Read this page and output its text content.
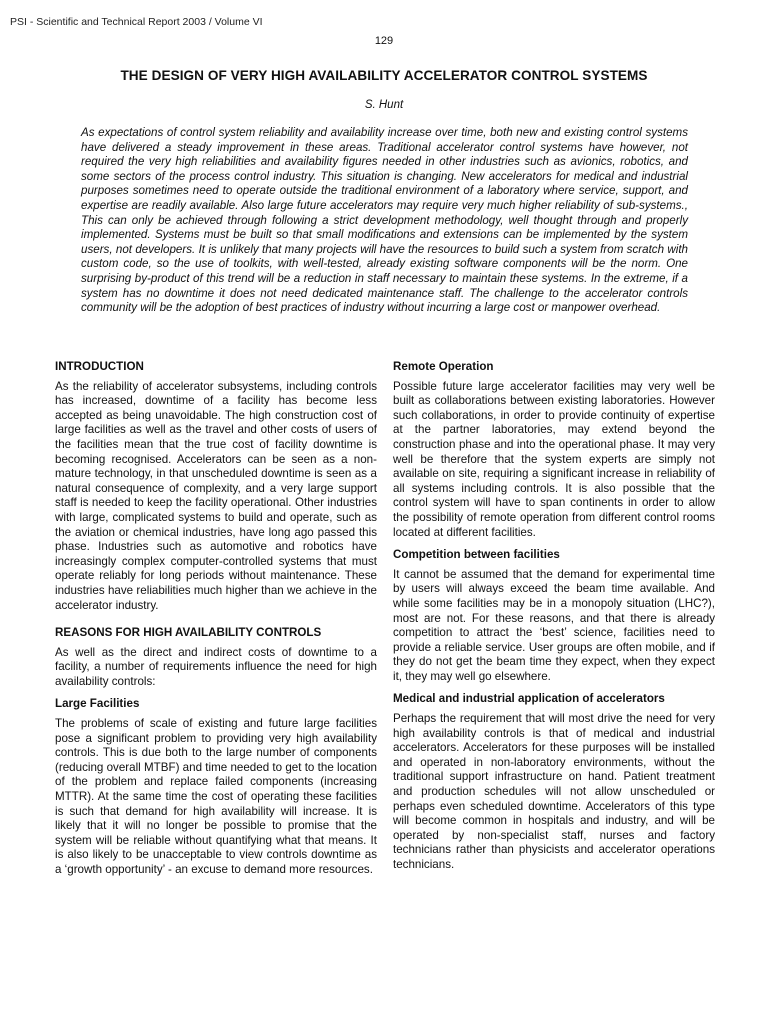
PSI - Scientific and Technical Report 2003 / Volume VI
129
THE DESIGN OF VERY HIGH AVAILABILITY ACCELERATOR CONTROL SYSTEMS
S. Hunt

As expectations of control system reliability and availability increase over time, both new and existing control systems have delivered a steady improvement in these areas. Traditional accelerator control systems have however, not required the very high reliabilities and availability figures needed in other industries such as avionics, robotics, and some sectors of the process control industry. This situation is changing. New accelerators for medical and industrial purposes sometimes need to operate outside the traditional environment of a laboratory where service, support, and expertise are readily available. Also large future accelerators may require very much higher reliability of sub-systems., This can only be achieved through following a strict development methodology, well thought through and properly implemented. Systems must be built so that small modifications and extensions can be implemented by the system users, not developers. It is unlikely that many projects will have the resources to build such a system from scratch with custom code, so the use of toolkits, with well-tested, already existing software components will be the norm. One surprising by-product of this trend will be a reduction in staff necessary to maintain these systems. In the extreme, if a system has no downtime it does not need dedicated maintenance staff. The challenge to the accelerator controls community will be the adoption of best practices of industry without incurring a large cost or manpower overhead.

INTRODUCTION

As the reliability of accelerator subsystems, including controls has increased, downtime of a facility has become less accepted as being unavoidable. The high construction cost of large facilities as well as the travel and other costs of users of the facilities mean that the true cost of facility downtime is becoming recognised. Accelerators can be seen as a non-mature technology, in that unscheduled downtime is seen as a natural consequence of complexity, and a very large support staff is needed to keep the facility operational. Other industries with large, complicated systems to build and operate, such as the aviation or chemical industries, have long ago passed this phase. Industries such as automotive and robotics have increasingly complex computer-controlled systems that must operate reliably for long periods without maintenance. These industries have reliabilities much higher than we achieve in the accelerator industry.

REASONS FOR HIGH AVAILABILITY CONTROLS

As well as the direct and indirect costs of downtime to a facility, a number of requirements influence the need for high availability controls:

Large Facilities

The problems of scale of existing and future large facilities pose a significant problem to providing very high availability controls. This is due both to the large number of components (reducing overall MTBF) and time needed to get to the location of the problem and replace failed components (increasing MTTR). At the same time the cost of operating these facilities is such that demand for high availability will increase. It is likely that it will no longer be possible to promise that the system will be reliable without quantifying what that means. It is also likely to be unacceptable to view controls downtime as a ‘growth opportunity’ - an excuse to demand more resources.

Remote Operation

Possible future large accelerator facilities may very well be built as collaborations between existing laboratories. However such collaborations, in order to provide continuity of expertise at the partner laboratories, may extend beyond the construction phase and into the operational phase. It may very well be therefore that the system experts are simply not available on site, requiring a significant increase in reliability of all systems including controls. It is also possible that the control system will have to span continents in order to allow the possibility of remote operation from different control rooms located at different facilities.

Competition between facilities

It cannot be assumed that the demand for experimental time by users will always exceed the beam time available. And while some facilities may be in a monopoly situation (LHC?), most are not. For these reasons, and that there is already competition to attract the ‘best’ science, facilities need to provide a reliable service. User groups are often mobile, and if they do not get the beam time they expect, when they expect it, they may well go elsewhere.

Medical and industrial application of accelerators

Perhaps the requirement that will most drive the need for very high availability controls is that of medical and industrial accelerators. Accelerators for these purposes will be installed and operated in non-laboratory environments, without the traditional support infrastructure on hand. Patient treatment and production schedules will not allow unscheduled or perhaps even scheduled downtime. Accelerators of this type will become common in hospitals and industry, and will be operated by non-specialist staff, nurses and factory technicians rather than physicists and accelerator operations technicians.
